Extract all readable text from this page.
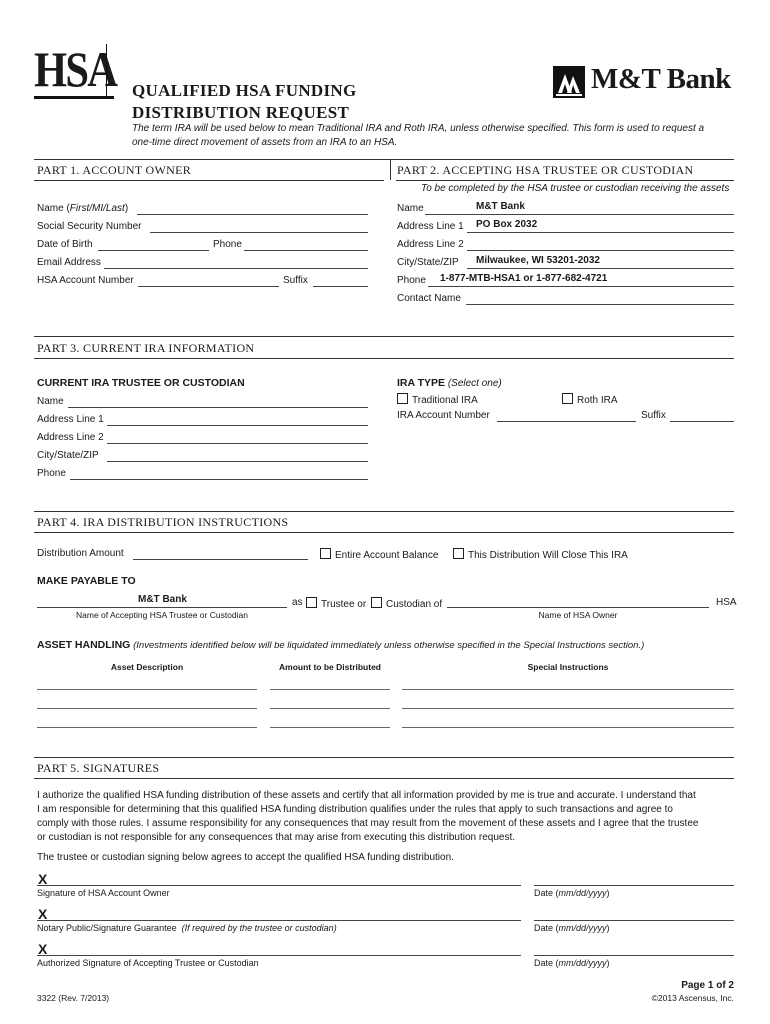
HSA QUALIFIED HSA FUNDING
DISTRIBUTION REQUEST
M&T Bank
The term IRA will be used below to mean Traditional IRA and Roth IRA, unless otherwise specified. This form is used to request a
one-time direct movement of assets from an IRA to an HSA.
PART 1. ACCOUNT OWNER	PART 2. ACCEPTING HSA TRUSTEE OR CUSTODIAN
To be completed by the HSA trustee or custodian receiving the assets
Name (First/MI/Last)
Social Security Number
Date of Birth	Phone
Email Address
HSA Account Number	Suffix
Name	M&T Bank
Address Line 1 PO Box 2032
Address Line 2
City/State/ZIP Milwaukee, WI 53201-2032
Phone 1-877-MTB-HSA1 or 1-877-682-4721
Contact Name
PART 3. CURRENT IRA INFORMATION
CURRENT IRA TRUSTEE OR CUSTODIAN
Name
Address Line 1
Address Line 2
City/State/ZIP
Phone
IRA TYPE (Select one)
Traditional IRA	Roth IRA
IRA Account Number	Suffix
PART 4. IRA DISTRIBUTION INSTRUCTIONS
Distribution Amount	Entire Account Balance	This Distribution Will Close This IRA
MAKE PAYABLE TO
M&T Bank	as	Trustee or	Custodian of	HSA
Name of Accepting HSA Trustee or Custodian	Name of HSA Owner
ASSET HANDLING (Investments identified below will be liquidated immediately unless otherwise specified in the Special Instructions section.)
Asset Description	Amount to be Distributed	Special Instructions
PART 5. SIGNATURES
I authorize the qualified HSA funding distribution of these assets and certify that all information provided by me is true and accurate. I understand that
I am responsible for determining that this qualified HSA funding distribution qualifies under the rules that apply to such transactions and agree to
comply with those rules. I assume responsibility for any consequences that may result from the movement of these assets and I agree that the trustee
or custodian is not responsible for any consequences that may arise from executing this distribution request.
The trustee or custodian signing below agrees to accept the qualified HSA funding distribution.
X
Signature of HSA Account Owner	Date (mm/dd/yyyy)
X
Notary Public/Signature Guarantee (If required by the trustee or custodian)	Date (mm/dd/yyyy)
X
Authorized Signature of Accepting Trustee or Custodian	Date (mm/dd/yyyy)
3322 (Rev. 7/2013)
Page 1 of 2
©2013 Ascensus, Inc.
